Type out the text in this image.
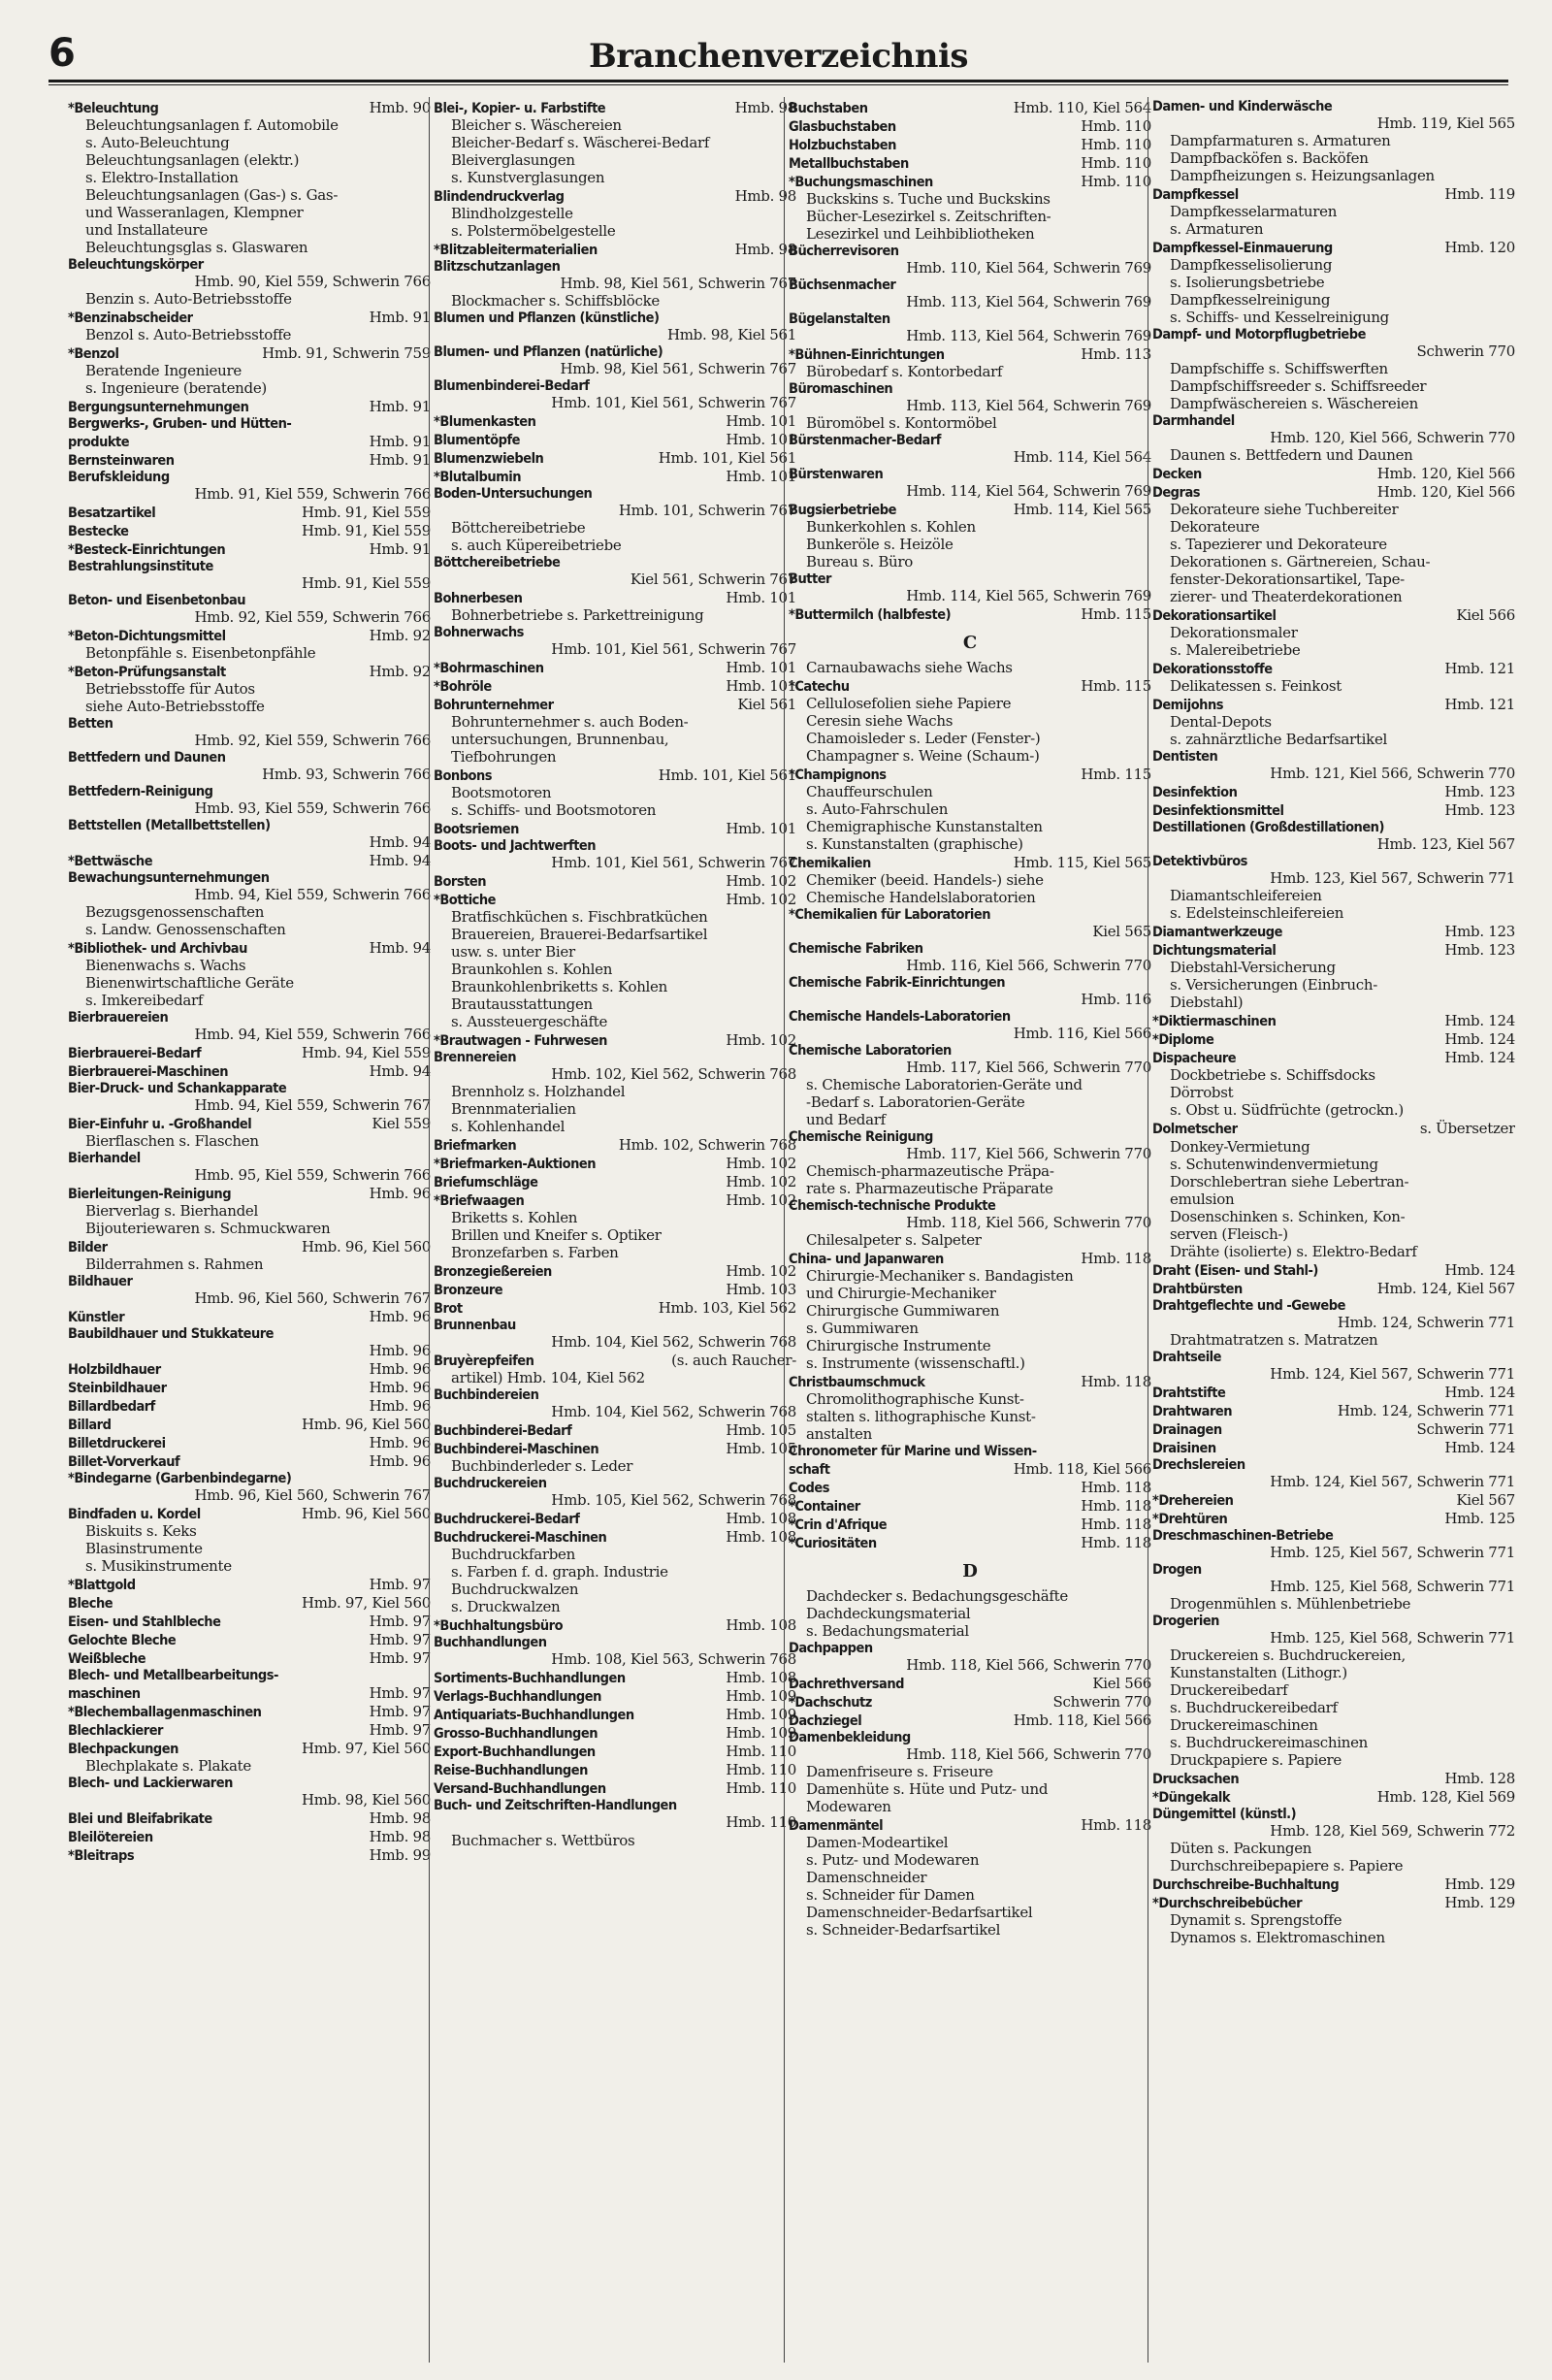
6	Branchenverzeichnis
*Beleuchtung	Hmb. 90
Beleuchtungsanlagen f. Automobile
s. Auto-Beleuchtung
Beleuchtungsanlagen (elektr.)
s. Elektro-Installation
Beleuchtungsanlagen (Gas-) s. Gas-
und Wasseranlagen, Klempner
und Installateure
Beleuchtungsglas s. Glaswaren
Beleuchtungskörper
Hmb. 90, Kiel 559, Schwerin 766
Benzin s. Auto-Betriebsstoffe
*Benzinabscheider	Hmb. 91
Benzol s. Auto-Betriebsstoffe
*Benzol	Hmb. 91, Schwerin 759
Beratende Ingenieure
s. Ingenieure (beratende)
Bergungsunternehmungen	Hmb. 91
Bergwerks-, Gruben- und Hütten-
produkte	Hmb. 91
Bernsteinwaren	Hmb. 91
Berufskleidung
Hmb. 91, Kiel 559, Schwerin 766
Besatzartikel	Hmb. 91, Kiel 559
Bestecke	Hmb. 91, Kiel 559
*Besteck-Einrichtungen	Hmb. 91
Bestrahlungsinstitute
Hmb. 91, Kiel 559
Beton- und Eisenbetonbau
Hmb. 92, Kiel 559, Schwerin 766
*Beton-Dichtungsmittel	Hmb. 92
Betonpfähle s. Eisenbetonpfähle
*Beton-Prüfungsanstalt	Hmb. 92
Betriebsstoffe für Autos
siehe Auto-Betriebsstoffe
Betten
Hmb. 92, Kiel 559, Schwerin 766
Bettfedern und Daunen
Hmb. 93, Schwerin 766
Bettfedern-Reinigung
Hmb. 93, Kiel 559, Schwerin 766
Bettstellen (Metallbettstellen)
Hmb. 94
*Bettwäsche	Hmb. 94
Bewachungsunternehmungen
Hmb. 94, Kiel 559, Schwerin 766
Bezugsgenossenschaften
s. Landw. Genossenschaften
*Bibliothek- und Archivbau	Hmb. 94
Bienenwachs s. Wachs
Bienenwirtschaftliche Geräte
s. Imkereibedarf
Bierbrauereien
Hmb. 94, Kiel 559, Schwerin 766
Bierbrauerei-Bedarf	Hmb. 94, Kiel 559
Bierbrauerei-Maschinen	Hmb. 94
Bier-Druck- und Schankapparate
Hmb. 94, Kiel 559, Schwerin 767
Bier-Einfuhr u. -Großhandel	Kiel 559
Bierflaschen s. Flaschen
Bierhandel
Hmb. 95, Kiel 559, Schwerin 766
Bierleitungen-Reinigung	Hmb. 96
Bierverlag s. Bierhandel
Bijouteriewaren s. Schmuckwaren
Bilder	Hmb. 96, Kiel 560
Bilderrahmen s. Rahmen
Bildhauer
Hmb. 96, Kiel 560, Schwerin 767
Künstler	Hmb. 96
Baubildhauer und Stukkateure
Hmb. 96
Holzbildhauer	Hmb. 96
Steinbildhauer	Hmb. 96
Billardbedarf	Hmb. 96
Billard	Hmb. 96, Kiel 560
Billetdruckerei	Hmb. 96
Billet-Vorverkauf	Hmb. 96
*Bindegarne (Garbenbindegarne)
Hmb. 96, Kiel 560, Schwerin 767
Bindfaden u. Kordel	Hmb. 96, Kiel 560
Biskuits s. Keks
Blasinstrumente
s. Musikinstrumente
*Blattgold	Hmb. 97
Bleche	Hmb. 97, Kiel 560
Eisen- und Stahlbleche	Hmb. 97
Gelochte Bleche	Hmb. 97
Weißbleche	Hmb. 97
Blech- und Metallbearbeitungs-
maschinen	Hmb. 97
*Blechemballagenmaschinen	Hmb. 97
Blechlackierer	Hmb. 97
Blechpackungen	Hmb. 97, Kiel 560
Blechplakate s. Plakate
Blech- und Lackierwaren
Hmb. 98, Kiel 560
Blei und Bleifabrikate	Hmb. 98
Bleilötereien	Hmb. 98
*Bleitraps	Hmb. 99
Blei-, Kopier- u. Farbstifte	Hmb. 98
Bleicher s. Wäschereien
Bleicher-Bedarf s. Wäscherei-Bedarf
Bleiverglasungen
s. Kunstverglasungen
Blindendruckverlag	Hmb. 98
Blindholzgestelle
s. Polstermöbelgestelle
*Blitzableitermaterialien	Hmb. 98
Blitzschutzanlagen
Hmb. 98, Kiel 561, Schwerin 767
Blockmacher s. Schiffsblöcke
Blumen und Pflanzen (künstliche)
Hmb. 98, Kiel 561
Blumen- und Pflanzen (natürliche)
Hmb. 98, Kiel 561, Schwerin 767
Blumenbinderei-Bedarf
Hmb. 101, Kiel 561, Schwerin 767
*Blumenkasten	Hmb. 101
Blumentöpfe	Hmb. 101
Blumenzwiebeln	Hmb. 101, Kiel 561
*Blutalbumin	Hmb. 101
Boden-Untersuchungen
Hmb. 101, Schwerin 767
Böttchereibetriebe
s. auch Küpereibetriebe
Böttchereibetriebe
Kiel 561, Schwerin 767
Bohnerbesen	Hmb. 101
Bohnerbetriebe s. Parkettreinigung
Bohnerwachs
Hmb. 101, Kiel 561, Schwerin 767
*Bohrmaschinen	Hmb. 101
*Bohröle	Hmb. 101
Bohrunternehmer	Kiel 561
Bohrunternehmer s. auch Boden-
untersuchungen, Brunnenbau,
Tiefbohrungen
Bonbons	Hmb. 101, Kiel 561
Bootsmotoren
s. Schiffs- und Bootsmotoren
Bootsriemen	Hmb. 101
Boots- und Jachtwerften
Hmb. 101, Kiel 561, Schwerin 767
Borsten	Hmb. 102
*Bottiche	Hmb. 102
Bratfischküchen s. Fischbratküchen
Brauereien, Brauerei-Bedarfsartikel
usw. s. unter Bier
Braunkohlen s. Kohlen
Braunkohlenbriketts s. Kohlen
Brautausstattungen
s. Aussteuergeschäfte
*Brautwagen - Fuhrwesen	Hmb. 102
Brennereien
Hmb. 102, Kiel 562, Schwerin 768
Brennholz s. Holzhandel
Brennmaterialien
s. Kohlenhandel
Briefmarken	Hmb. 102, Schwerin 768
*Briefmarken-Auktionen	Hmb. 102
Briefumschläge	Hmb. 102
*Briefwaagen	Hmb. 102
Briketts s. Kohlen
Brillen und Kneifer s. Optiker
Bronzefarben s. Farben
Bronzegießereien	Hmb. 102
Bronzeure	Hmb. 103
Brot	Hmb. 103, Kiel 562
Brunnenbau
Hmb. 104, Kiel 562, Schwerin 768
Bruyèrepfeifen	(s. auch Raucher-
artikel) Hmb. 104, Kiel 562
Buchbindereien
Hmb. 104, Kiel 562, Schwerin 768
Buchbinderei-Bedarf	Hmb. 105
Buchbinderei-Maschinen	Hmb. 105
Buchbinderleder s. Leder
Buchdruckereien
Hmb. 105, Kiel 562, Schwerin 768
Buchdruckerei-Bedarf	Hmb. 108
Buchdruckerei-Maschinen	Hmb. 108
Buchdruckfarben
s. Farben f. d. graph. Industrie
Buchdruckwalzen
s. Druckwalzen
*Buchhaltungsbüro	Hmb. 108
Buchhandlungen
Hmb. 108, Kiel 563, Schwerin 768
Sortiments-Buchhandlungen	Hmb. 108
Verlags-Buchhandlungen	Hmb. 109
Antiquariats-Buchhandlungen	Hmb. 109
Grosso-Buchhandlungen	Hmb. 109
Export-Buchhandlungen	Hmb. 110
Reise-Buchhandlungen	Hmb. 110
Versand-Buchhandlungen	Hmb. 110
Buch- und Zeitschriften-Handlungen
Hmb. 110
Buchmacher s. Wettbüros
Buchstaben	Hmb. 110, Kiel 564
Glasbuchstaben	Hmb. 110
Holzbuchstaben	Hmb. 110
Metallbuchstaben	Hmb. 110
*Buchungsmaschinen	Hmb. 110
Buckskins s. Tuche und Buckskins
Bücher-Lesezirkel s. Zeitschriften-
Lesezirkel und Leihbibliotheken
Bücherrevisoren
Hmb. 110, Kiel 564, Schwerin 769
Büchsenmacher
Hmb. 113, Kiel 564, Schwerin 769
Bügelanstalten
Hmb. 113, Kiel 564, Schwerin 769
*Bühnen-Einrichtungen	Hmb. 113
Bürobedarf s. Kontorbedarf
Büromaschinen
Hmb. 113, Kiel 564, Schwerin 769
Büromöbel s. Kontormöbel
Bürstenmacher-Bedarf
Hmb. 114, Kiel 564
Bürstenwaren
Hmb. 114, Kiel 564, Schwerin 769
Bugsierbetriebe	Hmb. 114, Kiel 565
Bunkerkohlen s. Kohlen
Bunkeröle s. Heizöle
Bureau s. Büro
Butter
Hmb. 114, Kiel 565, Schwerin 769
*Buttermilch (halbfeste)	Hmb. 115
C
Carnaubawachs siehe Wachs
*Catechu	Hmb. 115
Cellulosefolien siehe Papiere
Ceresin siehe Wachs
Chamoisleder s. Leder (Fenster-)
Champagner s. Weine (Schaum-)
*Champignons	Hmb. 115
Chauffeurschulen
s. Auto-Fahrschulen
Chemigraphische Kunstanstalten
s. Kunstanstalten (graphische)
Chemikalien	Hmb. 115, Kiel 565
Chemiker (beeid. Handels-) siehe
Chemische Handelslaboratorien
*Chemikalien für Laboratorien
Kiel 565
Chemische Fabriken
Hmb. 116, Kiel 566, Schwerin 770
Chemische Fabrik-Einrichtungen
Hmb. 116
Chemische Handels-Laboratorien
Hmb. 116, Kiel 566
Chemische Laboratorien
Hmb. 117, Kiel 566, Schwerin 770
s. Chemische Laboratorien-Geräte und
-Bedarf s. Laboratorien-Geräte
und Bedarf
Chemische Reinigung
Hmb. 117, Kiel 566, Schwerin 770
Chemisch-pharmazeutische Präpa-
rate s. Pharmazeutische Präparate
Chemisch-technische Produkte
Hmb. 118, Kiel 566, Schwerin 770
Chilesalpeter s. Salpeter
China- und Japanwaren	Hmb. 118
Chirurgie-Mechaniker s. Bandagisten
und Chirurgie-Mechaniker
Chirurgische Gummiwaren
s. Gummiwaren
Chirurgische Instrumente
s. Instrumente (wissenschaftl.)
Christbaumschmuck	Hmb. 118
Chromolithographische Kunst-
stalten s. lithographische Kunst-
anstalten
Chronometer für Marine und Wissen-
schaft	Hmb. 118, Kiel 566
Codes	Hmb. 118
*Container	Hmb. 118
*Crin d'Afrique	Hmb. 118
*Curiositäten	Hmb. 118
D
Dachdecker s. Bedachungsgeschäfte
Dachdeckungsmaterial
s. Bedachungsmaterial
Dachpappen
Hmb. 118, Kiel 566, Schwerin 770
Dachrethversand	Kiel 566
*Dachschutz	Schwerin 770
Dachziegel	Hmb. 118, Kiel 566
Damenbekleidung
Hmb. 118, Kiel 566, Schwerin 770
Damenfriseure s. Friseure
Damenhüte s. Hüte und Putz- und
Modewaren
Damenmäntel	Hmb. 118
Damen-Modeartikel
s. Putz- und Modewaren
Damenschneider
s. Schneider für Damen
Damenschneider-Bedarfsartikel
s. Schneider-Bedarfsartikel
Damen- und Kinderwäsche
Hmb. 119, Kiel 565
Dampfarmaturen s. Armaturen
Dampfbacköfen s. Backöfen
Dampfheizungen s. Heizungsanlagen
Dampfkessel	Hmb. 119
Dampfkesselarmaturen
s. Armaturen
Dampfkessel-Einmauerung	Hmb. 120
Dampfkesselisolierung
s. Isolierungsbetriebe
Dampfkesselreinigung
s. Schiffs- und Kesselreinigung
Dampf- und Motorpflugbetriebe
Schwerin 770
Dampfschiffe s. Schiffswerften
Dampfschiffsreeder s. Schiffsreeder
Dampfwäschereien s. Wäschereien
Darmhandel
Hmb. 120, Kiel 566, Schwerin 770
Daunen s. Bettfedern und Daunen
Decken	Hmb. 120, Kiel 566
Degras	Hmb. 120, Kiel 566
Dekorateure siehe Tuchbereiter
Dekorateure
s. Tapezierer und Dekorateure
Dekorationen s. Gärtnereien, Schau-
fenster-Dekorationsartikel, Tape-
zierer- und Theaterdekorationen
Dekorationsartikel	Kiel 566
Dekorationsmaler
s. Malereibetriebe
Dekorationsstoffe	Hmb. 121
Delikatessen s. Feinkost
Demijohns	Hmb. 121
Dental-Depots
s. zahnärztliche Bedarfsartikel
Dentisten
Hmb. 121, Kiel 566, Schwerin 770
Desinfektion	Hmb. 123
Desinfektionsmittel	Hmb. 123
Destillationen (Großdestillationen)
Hmb. 123, Kiel 567
Detektivbüros
Hmb. 123, Kiel 567, Schwerin 771
Diamantschleifereien
s. Edelsteinschleifereien
Diamantwerkzeuge	Hmb. 123
Dichtungsmaterial	Hmb. 123
Diebstahl-Versicherung
s. Versicherungen (Einbruch-
Diebstahl)
*Diktiermaschinen	Hmb. 124
*Diplome	Hmb. 124
Dispacheure	Hmb. 124
Dockbetriebe s. Schiffsdocks
Dörrobst
s. Obst u. Südfrüchte (getrockn.)
Dolmetscher	s. Übersetzer
Donkey-Vermietung
s. Schutenwindenvermietung
Dorschlebertran siehe Lebertran-
emulsion
Dosenschinken s. Schinken, Kon-
serven (Fleisch-)
Drähte (isolierte) s. Elektro-Bedarf
Draht (Eisen- und Stahl-)	Hmb. 124
Drahtbürsten	Hmb. 124, Kiel 567
Drahtgeflechte und -Gewebe
Hmb. 124, Schwerin 771
Drahtmatratzen s. Matratzen
Drahtseile
Hmb. 124, Kiel 567, Schwerin 771
Drahtstifte	Hmb. 124
Drahtwaren	Hmb. 124, Schwerin 771
Drainagen	Schwerin 771
Draisinen	Hmb. 124
Drechslereien
Hmb. 124, Kiel 567, Schwerin 771
*Drehereien	Kiel 567
*Drehtüren	Hmb. 125
Dreschmaschinen-Betriebe
Hmb. 125, Kiel 567, Schwerin 771
Drogen
Hmb. 125, Kiel 568, Schwerin 771
Drogenmühlen s. Mühlenbetriebe
Drogerien
Hmb. 125, Kiel 568, Schwerin 771
Druckereien s. Buchdruckereien,
Kunstanstalten (Lithogr.)
Druckereibedarf
s. Buchdruckereibedarf
Druckereimaschinen
s. Buchdruckereimaschinen
Druckpapiere s. Papiere
Drucksachen	Hmb. 128
*Düngekalk	Hmb. 128, Kiel 569
Düngemittel (künstl.)
Hmb. 128, Kiel 569, Schwerin 772
Düten s. Packungen
Durchschreibepapiere s. Papiere
Durchschreibe-Buchhaltung	Hmb. 129
*Durchschreibebücher	Hmb. 129
Dynamit s. Sprengstoffe
Dynamos s. Elektromaschinen
